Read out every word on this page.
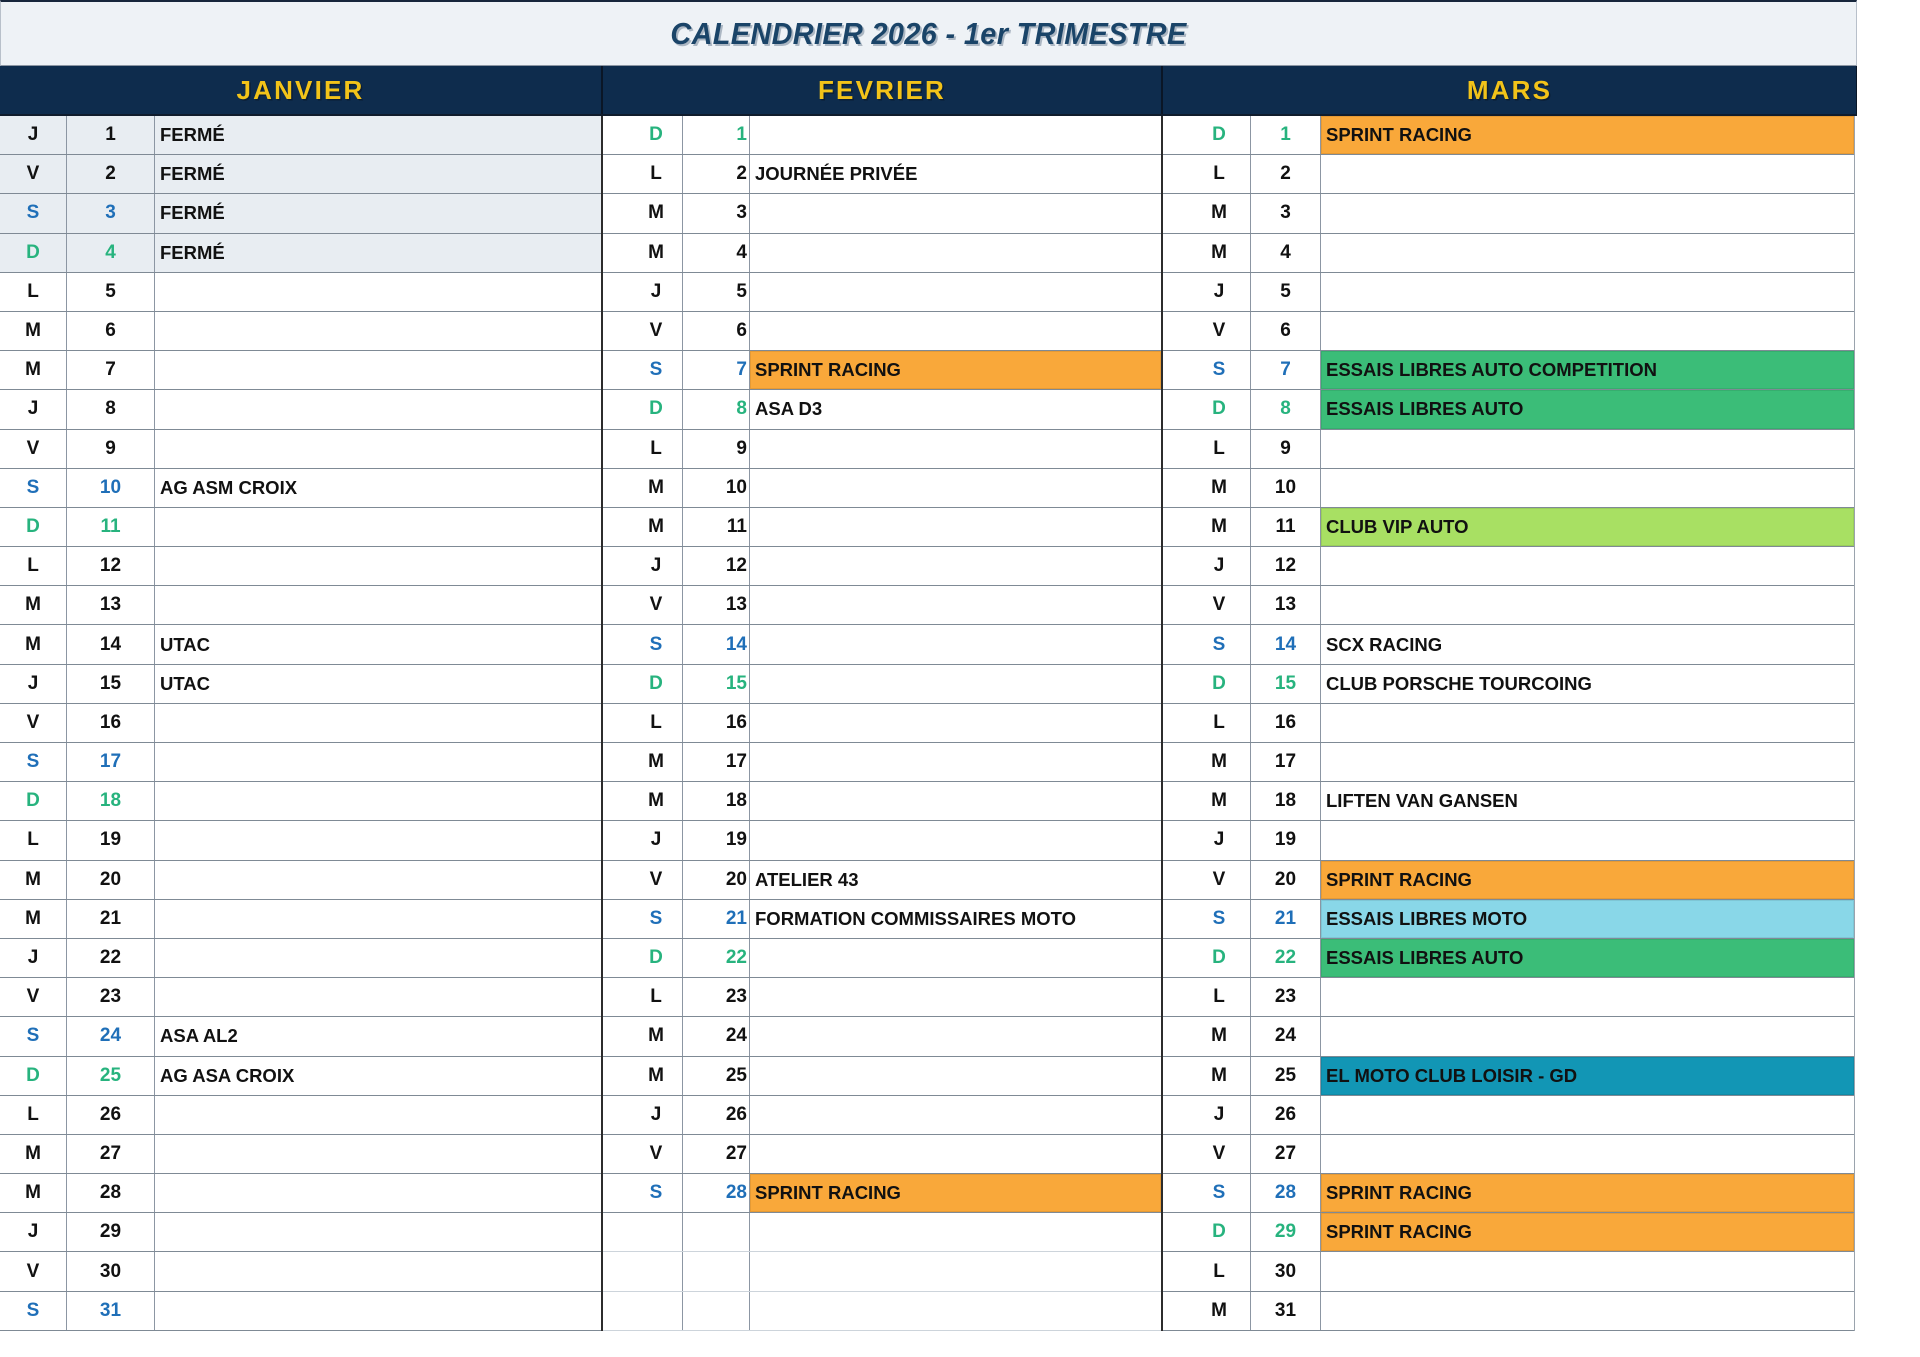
CALENDRIER 2026 - 1er TRIMESTRE
JANVIER	FEVRIER	MARS
J	1	FERMÉ
V	2	FERMÉ
S	3	FERMÉ
D	4	FERMÉ
L	5
M	6
M	7
J	8
V	9
S	10	AG ASM CROIX
D	11
L	12
M	13
M	14	UTAC
J	15	UTAC
V	16
S	17
D	18
L	19
M	20
M	21
J	22
V	23
S	24	ASA AL2
D	25	AG ASA CROIX
L	26
M	27
M	28
J	29
V	30
S	31
D	1
L	2 JOURNÉE PRIVÉE
M	3
M	4
J	5
V	6
S	7 SPRINT RACING
D	8 ASA D3
L	9
M	10
M	11
J	12
V	13
S	14
D	15
L	16
M	17
M	18
J	19
V	20 ATELIER 43
S	21 FORMATION COMMISSAIRES MOTO
D	22
L	23
M	24
M	25
J	26
V	27
S	28 SPRINT RACING
D	1	SPRINT RACING
L	2
M	3
M	4
J	5
V	6
S	7	ESSAIS LIBRES AUTO COMPETITION
D	8	ESSAIS LIBRES AUTO
L	9
M	10
M	11	CLUB VIP AUTO
J	12
V	13
S	14	SCX RACING
D	15	CLUB PORSCHE TOURCOING
L	16
M	17
M	18	LIFTEN VAN GANSEN
J	19
V	20	SPRINT RACING
S	21	ESSAIS LIBRES MOTO
D	22	ESSAIS LIBRES AUTO
L	23
M	24
M	25	EL MOTO CLUB LOISIR - GD
J	26
V	27
S	28	SPRINT RACING
D	29	SPRINT RACING
L	30
M	31
